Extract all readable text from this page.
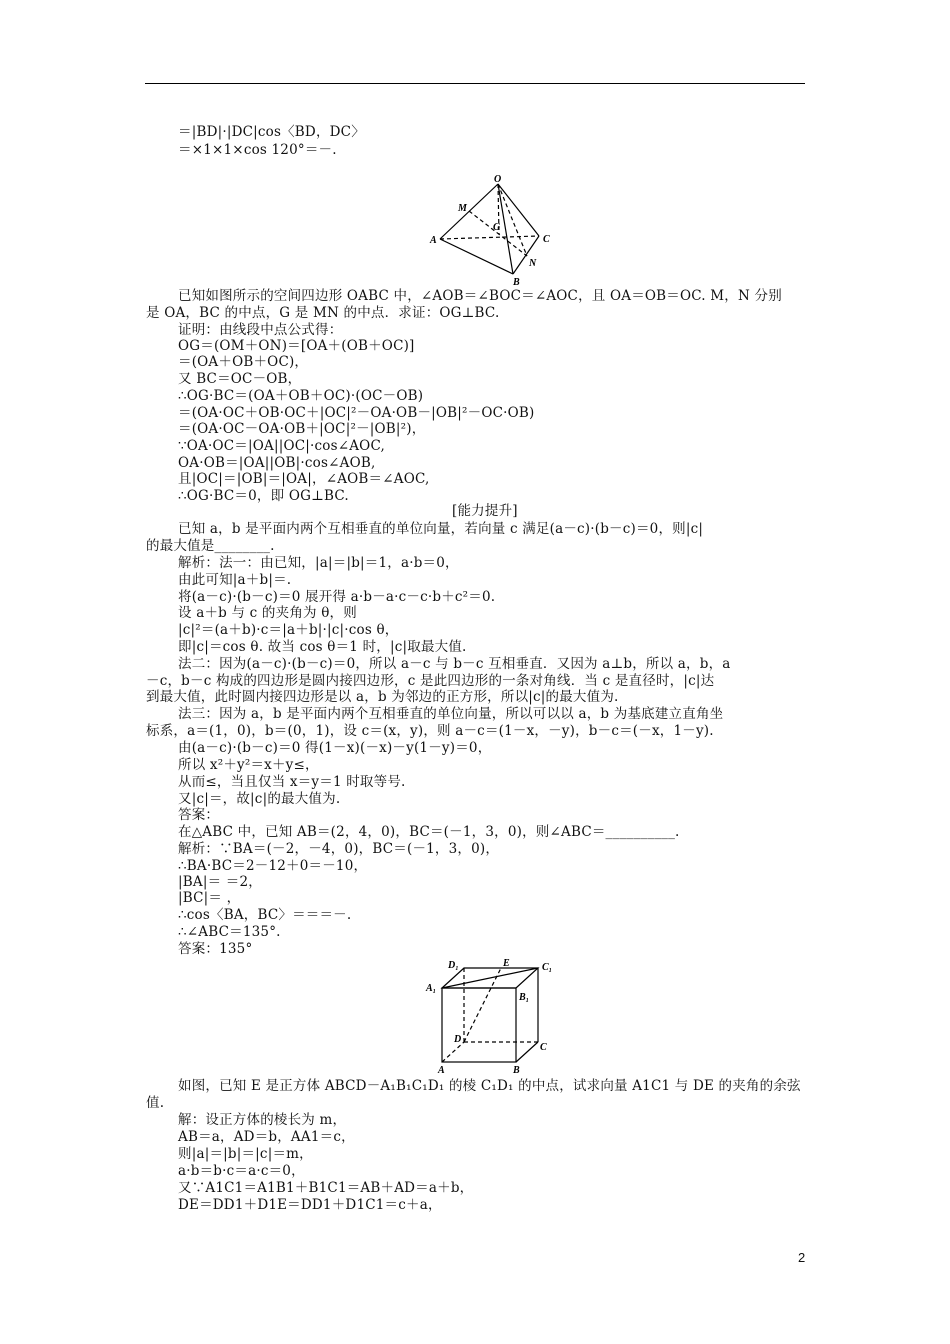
＝|BD|·|DC|cos〈BD，DC〉
＝×1×1×cos 120°＝－.
O
M
G
A	C
N
B
已知如图所示的空间四边形 OABC 中，∠AOB＝∠BOC＝∠AOC，且 OA＝OB＝OC. M，N 分别
是 OA，BC 的中点，G 是 MN 的中点．求证：OG⊥BC.
证明：由线段中点公式得：
OG＝(OM＋ON)＝[OA＋(OB＋OC)]
＝(OA＋OB＋OC)，
又 BC＝OC－OB，
∴OG·BC＝(OA＋OB＋OC)·(OC－OB)
＝(OA·OC＋OB·OC＋|OC|²－OA·OB－|OB|²－OC·OB)
＝(OA·OC－OA·OB＋|OC|²－|OB|²)，
∵OA·OC＝|OA||OC|·cos∠AOC,
OA·OB＝|OA||OB|·cos∠AOB,
且|OC|＝|OB|＝|OA|，∠AOB＝∠AOC,
∴OG·BC＝0，即 OG⊥BC.
[能力提升]
已知 a，b 是平面内两个互相垂直的单位向量，若向量 c 满足(a－c)·(b－c)＝0，则|c|
的最大值是________.
解析：法一：由已知，|a|＝|b|＝1，a·b＝0，
由此可知|a＋b|＝.
将(a－c)·(b－c)＝0 展开得 a·b－a·c－c·b＋c²＝0.
设 a＋b 与 c 的夹角为 θ，则
|c|²＝(a＋b)·c＝|a＋b|·|c|·cos θ，
即|c|＝cos θ. 故当 cos θ＝1 时，|c|取最大值.
法二：因为(a－c)·(b－c)＝0，所以 a－c 与 b－c 互相垂直．又因为 a⊥b，所以 a，b，a
－c，b－c 构成的四边形是圆内接四边形，c 是此四边形的一条对角线．当 c 是直径时，|c|达
到最大值，此时圆内接四边形是以 a，b 为邻边的正方形，所以|c|的最大值为.
法三：因为 a，b 是平面内两个互相垂直的单位向量，所以可以以 a，b 为基底建立直角坐
标系，a＝(1，0)，b＝(0，1)，设 c＝(x，y)，则 a－c＝(1－x，－y)，b－c＝(－x，1－y).
由(a－c)·(b－c)＝0 得(1－x)(－x)－y(1－y)＝0，
所以 x²＋y²＝x＋y≤，
从而≤，当且仅当 x＝y＝1 时取等号.
又|c|＝，故|c|的最大值为.
答案：
在△ABC 中，已知 AB＝(2，4，0)，BC＝(－1，3，0)，则∠ABC＝__________.
解析：∵BA＝(－2，－4，0)，BC＝(－1，3，0)，
∴BA·BC＝2－12＋0＝－10，
|BA|＝ ＝2，
|BC|＝ ，
∴cos〈BA，BC〉＝＝＝－.
∴∠ABC＝135°.
答案：135°
D₁	E	C₁
A₁
B₁
D
C
A	B
如图，已知 E 是正方体 ABCD－A₁B₁C₁D₁ 的棱 C₁D₁ 的中点，试求向量 A1C1 与 DE 的夹角的余弦
值.
解：设正方体的棱长为 m，
AB＝a，AD＝b，AA1＝c，
则|a|＝|b|＝|c|＝m，
a·b＝b·c＝a·c＝0，
又∵A1C1＝A1B1＋B1C1＝AB＋AD＝a＋b，
DE＝DD1＋D1E＝DD1＋D1C1＝c＋a，
2
